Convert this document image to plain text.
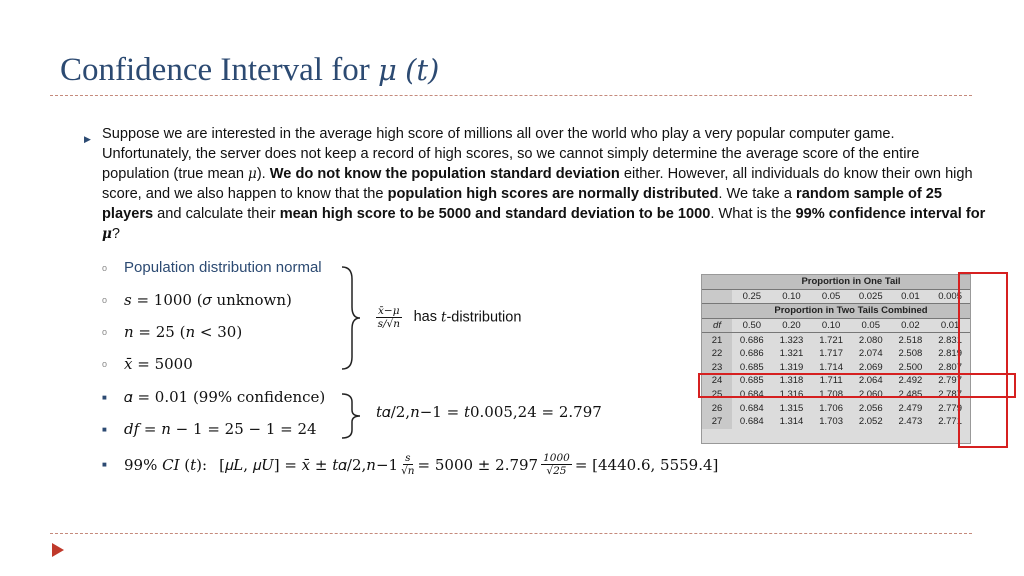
Confidence Interval for μ (𝑡)
▶ Suppose we are interested in the average high score of millions all over the world who play a very popular computer game. Unfortunately, the server does not keep a record of high scores, so we cannot simply determine the average score of the entire population (true mean μ). We do not know the population standard deviation either. However, all individuals do know their own high score, and we also happen to know that the population high scores are normally distributed. We take a random sample of 25 players and calculate their mean high score to be 5000 and standard deviation to be 1000. What is the 99% confidence interval for μ?
o	Population distribution normal
o	𝑠 = 1000 (𝜎 unknown)
o	𝑛 = 25 (𝑛 < 30)
o	𝑥̄ = 5000
■	𝛼 = 0.01 (99% confidence)
■	𝑑𝑓 = 𝑛 − 1 = 25 − 1 = 24
$\frac{\text{𝑥̄−𝜇}}{\text{𝑠/√𝑛}}$ has 𝑡-distribution
𝑡𝛼/2,𝑛−1 = 𝑡0.005,24 = 2.797
■	99% 𝐶𝐼 (𝑡): [𝜇𝐿, 𝜇𝑈] = 𝑥̄ ± 𝑡𝛼/2,𝑛−1 $\frac{\text{𝑠}}{\text{√𝑛}} = 5000 \pm 2.797 \frac{1000}{√25} = [4440.6$, 5559.4]
	Proportion in One Tail					
	0.25	0.10	0.05	0.025	0.01	0.005
	Proportion in Two Tails Combined					
df	0.50	0.20	0.10	0.05	0.02	0.01
21	0.686	1.323	1.721	2.080	2.518	2.831
22	0.686	1.321	1.717	2.074	2.508	2.819
23	0.685	1.319	1.714	2.069	2.500	2.807
24	0.685	1.318	1.711	2.064	2.492	2.797
25	0.684	1.316	1.708	2.060	2.485	2.787
26	0.684	1.315	1.706	2.056	2.479	2.779
27	0.684	1.314	1.703	2.052	2.473	2.771
